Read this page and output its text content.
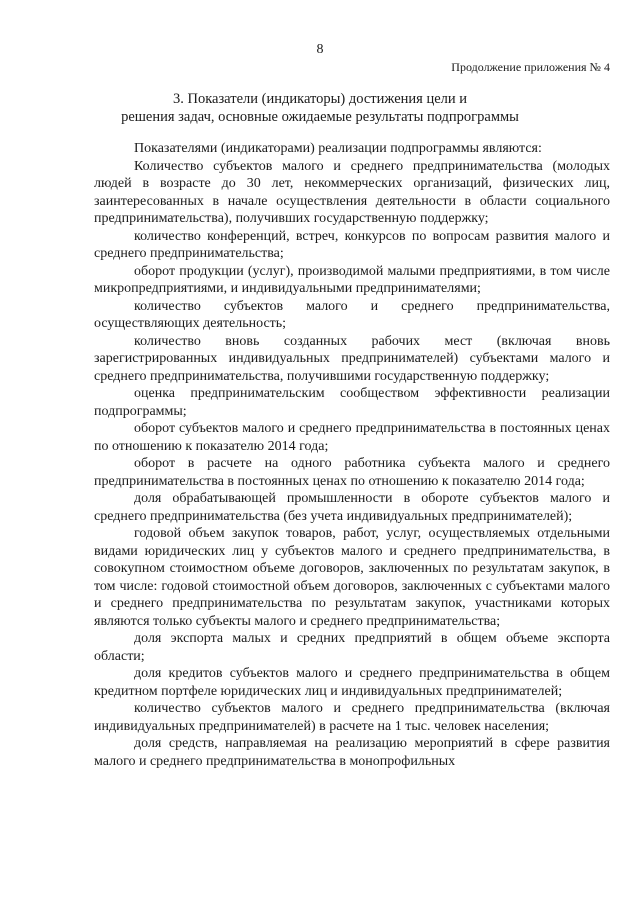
8
Продолжение приложения № 4
3. Показатели (индикаторы) достижения цели и
решения задач, основные ожидаемые результаты подпрограммы

Показателями (индикаторами) реализации подпрограммы являются:

Количество субъектов малого и среднего предпринимательства (молодых людей в возрасте до 30 лет, некоммерческих организаций, физических лиц, заинтересованных в начале осуществления деятельности в области социального предпринимательства), получивших государственную поддержку;

количество конференций, встреч, конкурсов по вопросам развития малого и среднего предпринимательства;

оборот продукции (услуг), производимой малыми предприятиями, в том числе микропредприятиями, и индивидуальными предпринимателями;

количество субъектов малого и среднего предпринимательства, осуществляющих деятельность;

количество вновь созданных рабочих мест (включая вновь зарегистрированных индивидуальных предпринимателей) субъектами малого и среднего предпринимательства, получившими государственную поддержку;

оценка предпринимательским сообществом эффективности реализации подпрограммы;

оборот субъектов малого и среднего предпринимательства в постоянных ценах по отношению к показателю 2014 года;

оборот в расчете на одного работника субъекта малого и среднего предпринимательства в постоянных ценах по отношению к показателю 2014 года;

доля обрабатывающей промышленности в обороте субъектов малого и среднего предпринимательства (без учета индивидуальных предпринимателей);

годовой объем закупок товаров, работ, услуг, осуществляемых отдельными видами юридических лиц у субъектов малого и среднего предпринимательства, в совокупном стоимостном объеме договоров, заключенных по результатам закупок, в том числе: годовой стоимостной объем договоров, заключенных с субъектами малого и среднего предпринимательства по результатам закупок, участниками которых являются только субъекты малого и среднего предпринимательства;

доля экспорта малых и средних предприятий в общем объеме экспорта области;

доля кредитов субъектов малого и среднего предпринимательства в общем кредитном портфеле юридических лиц и индивидуальных предпринимателей;

количество субъектов малого и среднего предпринимательства (включая индивидуальных предпринимателей) в расчете на 1 тыс. человек населения;

доля средств, направляемая на реализацию мероприятий в сфере развития малого и среднего предпринимательства в монопрофильных
